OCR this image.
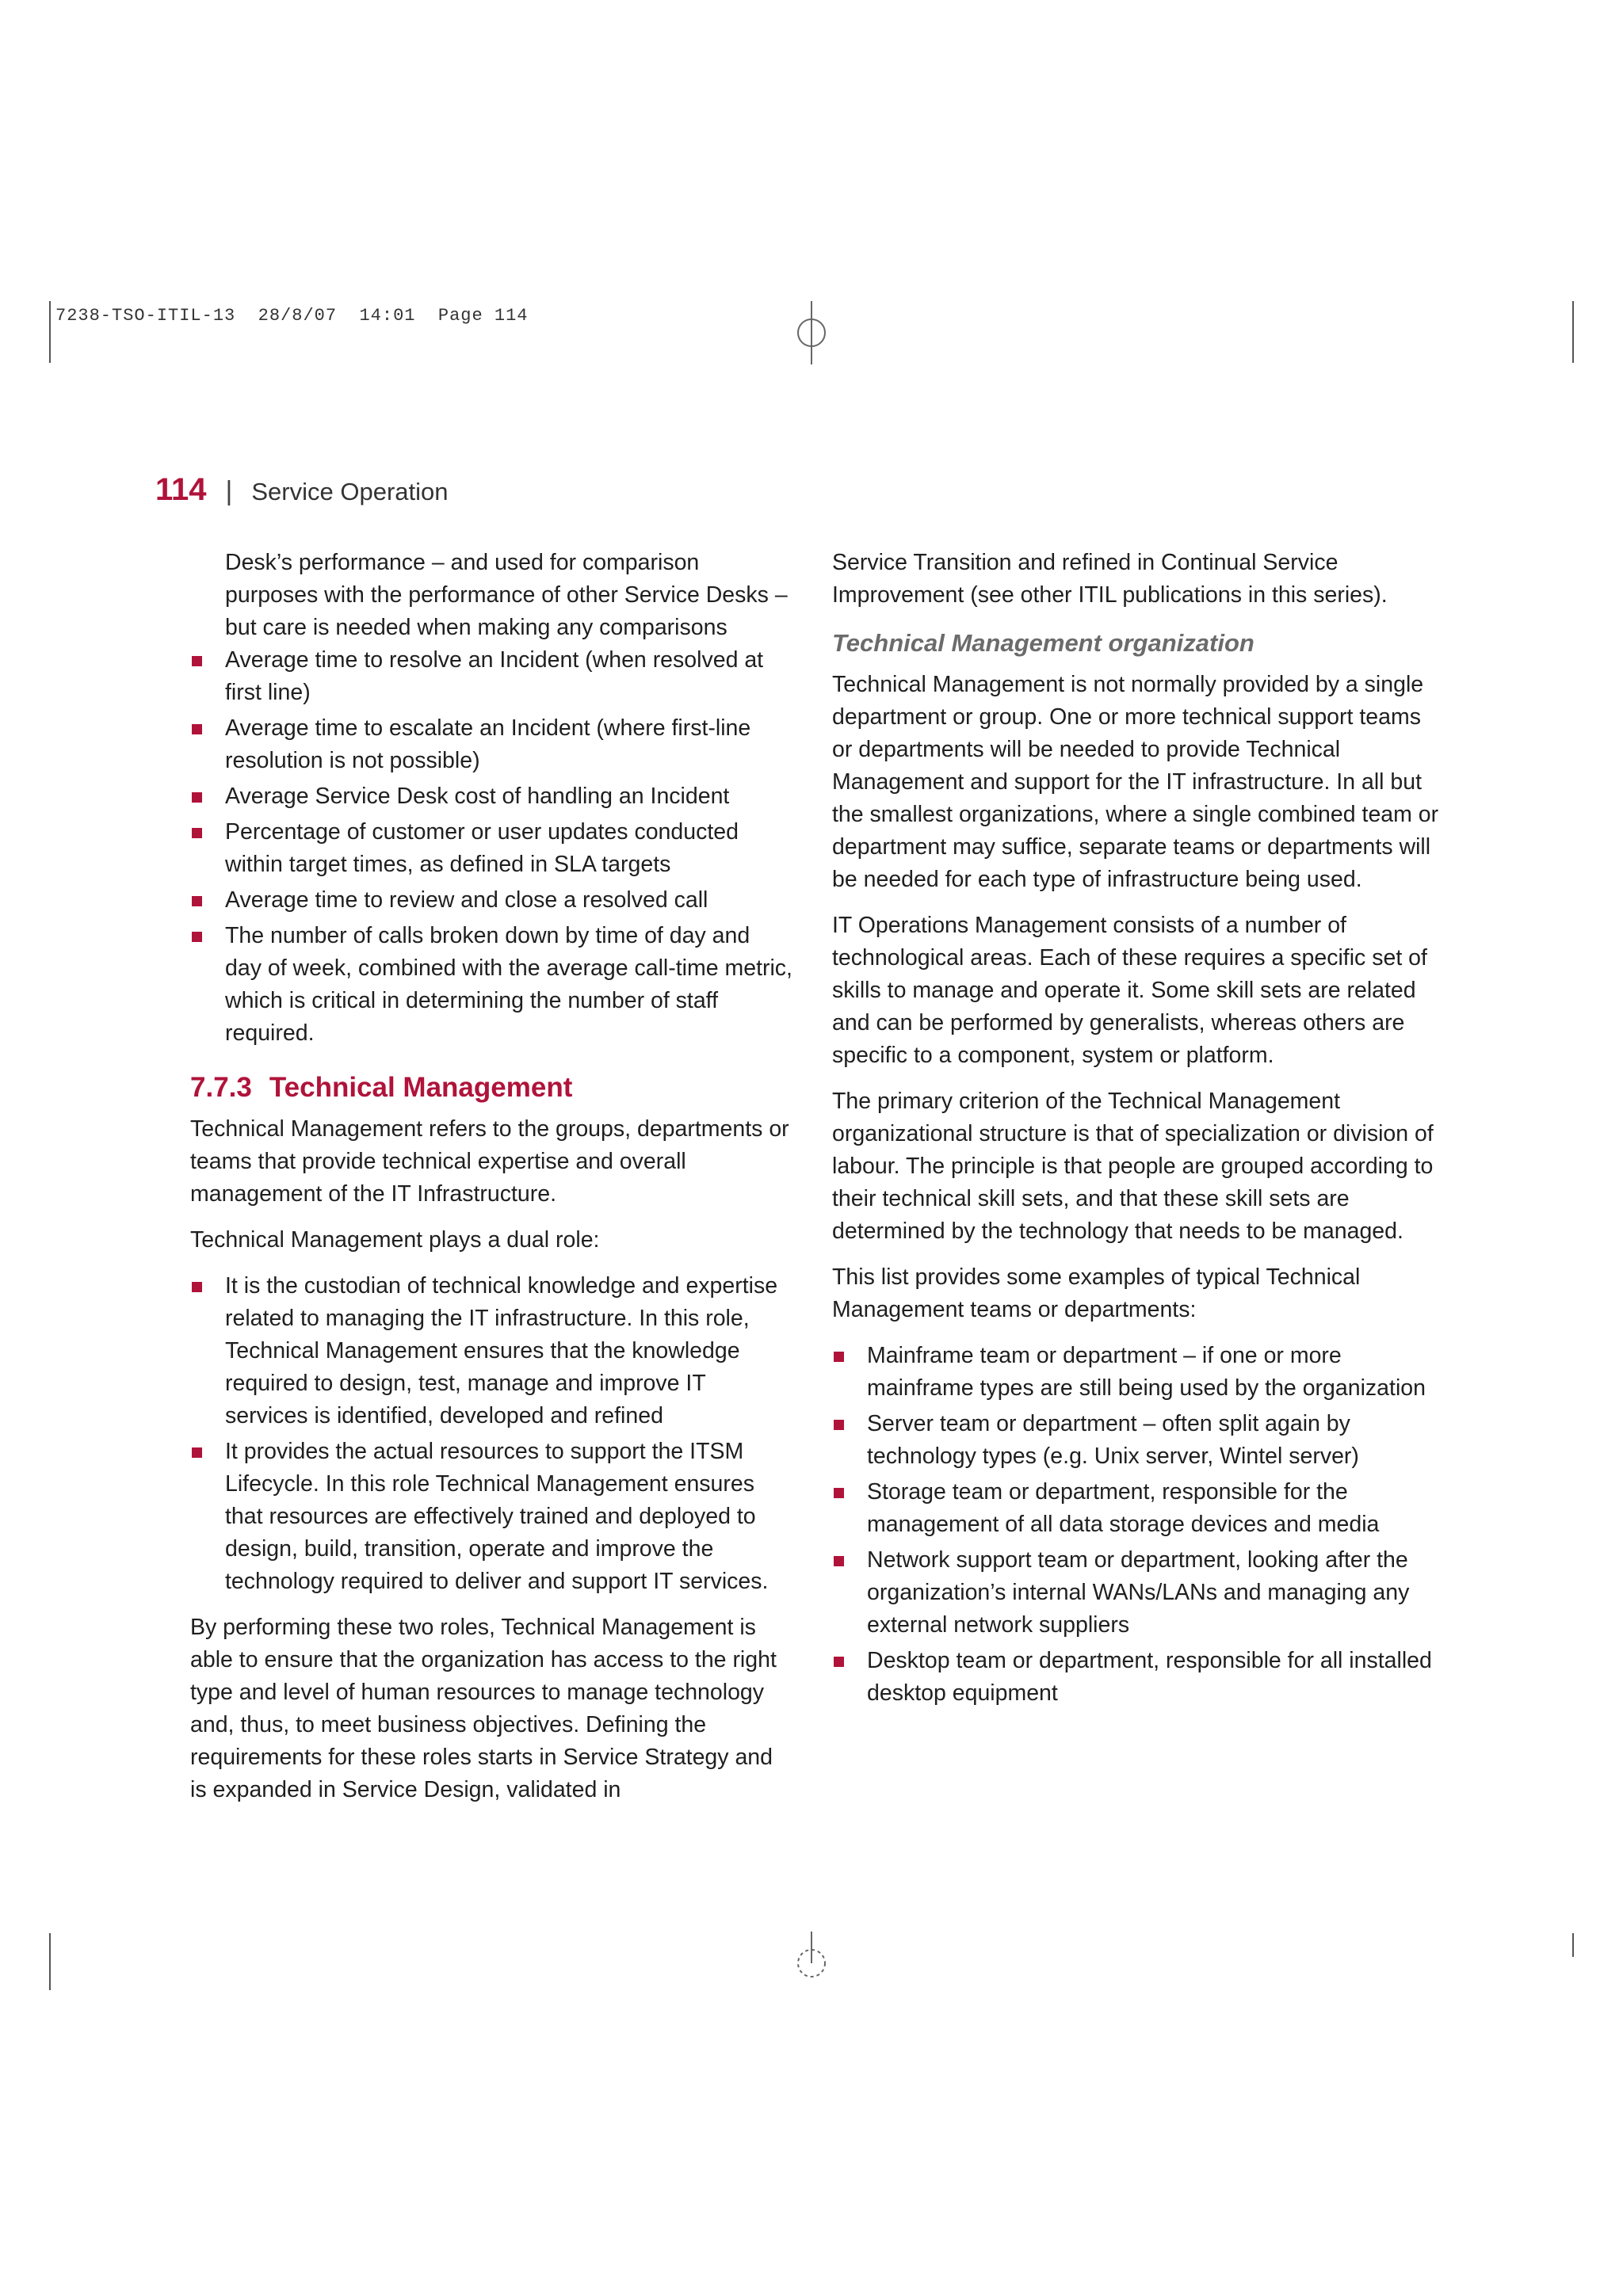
7238-TSO-ITIL-13  28/8/07  14:01  Page 114
114 | Service Operation

Desk’s performance – and used for comparison purposes with the performance of other Service Desks – but care is needed when making any comparisons

Average time to resolve an Incident (when resolved at first line)
Average time to escalate an Incident (where first-line resolution is not possible)
Average Service Desk cost of handling an Incident
Percentage of customer or user updates conducted within target times, as defined in SLA targets
Average time to review and close a resolved call
The number of calls broken down by time of day and day of week, combined with the average call-time metric, which is critical in determining the number of staff required.
7.7.3 Technical Management

Technical Management refers to the groups, departments or teams that provide technical expertise and overall management of the IT Infrastructure.

Technical Management plays a dual role:

It is the custodian of technical knowledge and expertise related to managing the IT infrastructure. In this role, Technical Management ensures that the knowledge required to design, test, manage and improve IT services is identified, developed and refined
It provides the actual resources to support the ITSM Lifecycle. In this role Technical Management ensures that resources are effectively trained and deployed to design, build, transition, operate and improve the technology required to deliver and support IT services.

By performing these two roles, Technical Management is able to ensure that the organization has access to the right type and level of human resources to manage technology and, thus, to meet business objectives. Defining the requirements for these roles starts in Service Strategy and is expanded in Service Design, validated in

Service Transition and refined in Continual Service Improvement (see other ITIL publications in this series).

Technical Management organization

Technical Management is not normally provided by a single department or group. One or more technical support teams or departments will be needed to provide Technical Management and support for the IT infrastructure. In all but the smallest organizations, where a single combined team or department may suffice, separate teams or departments will be needed for each type of infrastructure being used.

IT Operations Management consists of a number of technological areas. Each of these requires a specific set of skills to manage and operate it. Some skill sets are related and can be performed by generalists, whereas others are specific to a component, system or platform.

The primary criterion of the Technical Management organizational structure is that of specialization or division of labour. The principle is that people are grouped according to their technical skill sets, and that these skill sets are determined by the technology that needs to be managed.

This list provides some examples of typical Technical Management teams or departments:

Mainframe team or department – if one or more mainframe types are still being used by the organization
Server team or department – often split again by technology types (e.g. Unix server, Wintel server)
Storage team or department, responsible for the management of all data storage devices and media
Network support team or department, looking after the organization’s internal WANs/LANs and managing any external network suppliers
Desktop team or department, responsible for all installed desktop equipment
